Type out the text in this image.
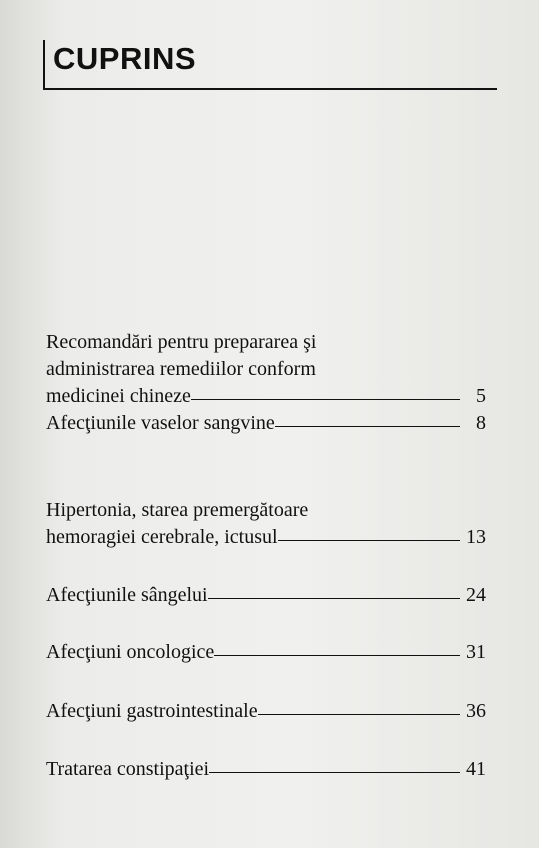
CUPRINS
Recomandări pentru prepararea şi
administrarea remediilor conform
medicinei chineze	5
Afecţiunile vaselor sangvine	8
Hipertonia, starea premergătoare
hemoragiei cerebrale, ictusul	13
Afecţiunile sângelui	24
Afecţiuni oncologice	31
Afecţiuni gastrointestinale	36
Tratarea constipaţiei	41
